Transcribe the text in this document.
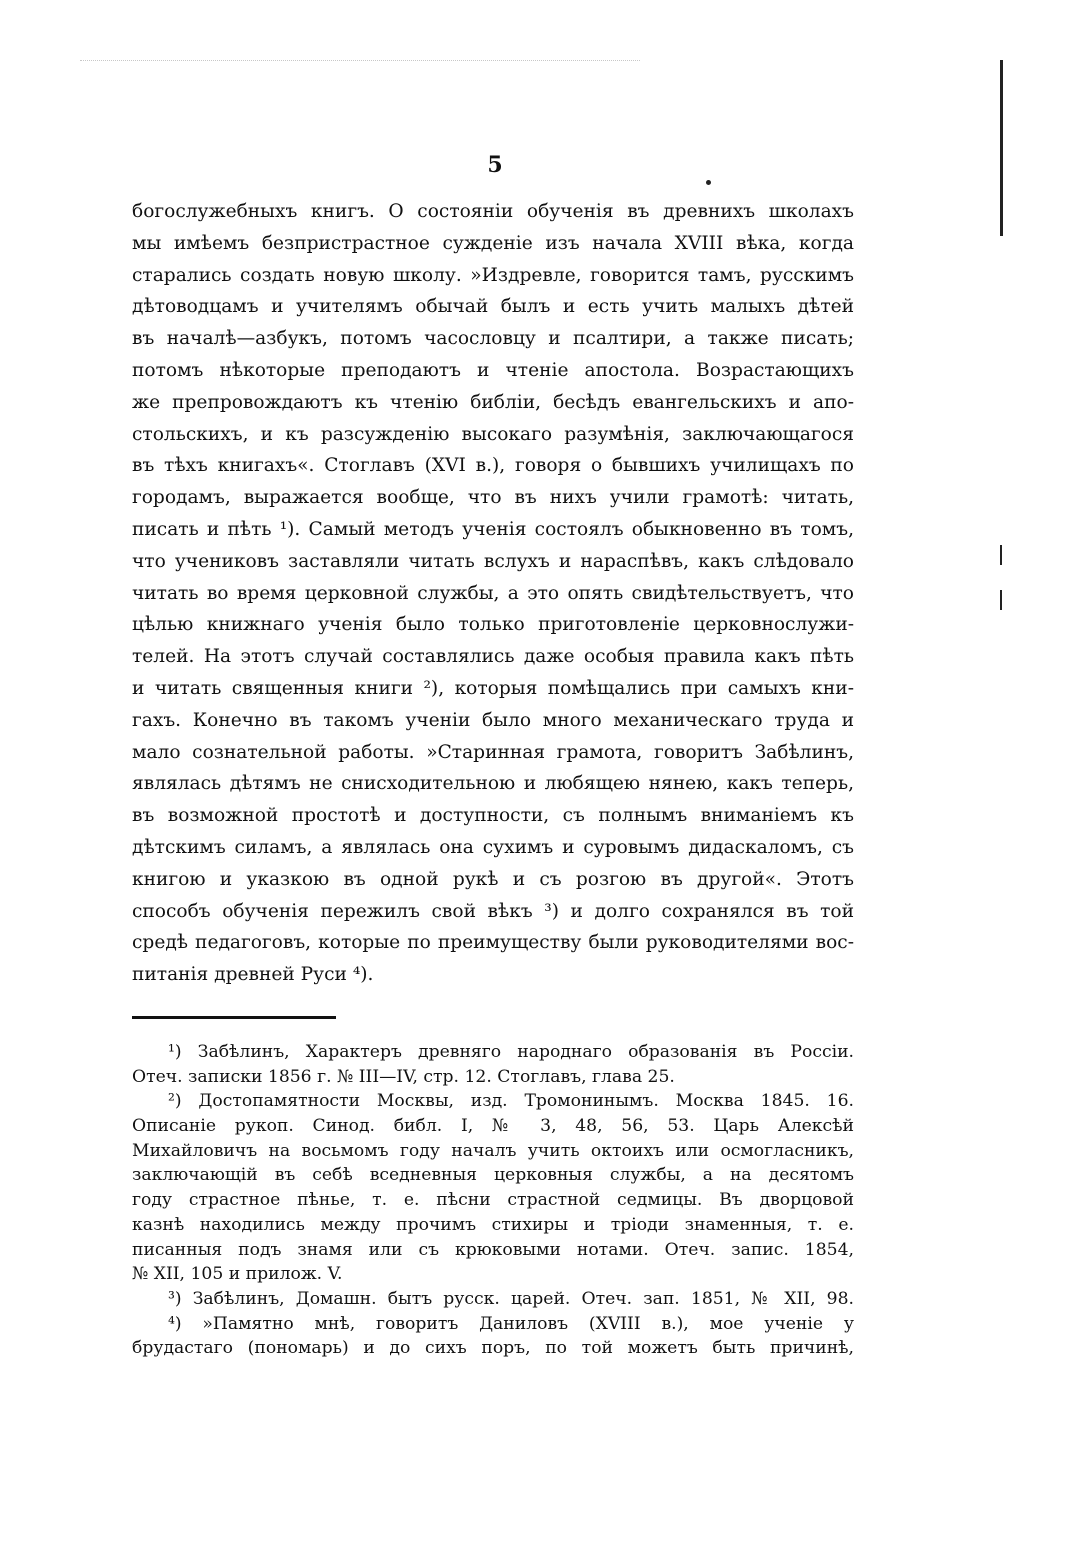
5
богослужебныхъ книгъ. О состояніи обученія въ древнихъ школахъ
мы имѣемъ безпристрастное сужденіе изъ начала XVIII вѣка, когда
старались создать новую школу. »Издревле, говорится тамъ, русскимъ
дѣтоводцамъ и учителямъ обычай былъ и есть учить малыхъ дѣтей
въ началѣ—азбукъ, потомъ часословцу и псалтири, а также писать;
потомъ нѣкоторые преподаютъ и чтеніе апостола. Возрастающихъ
же препровождаютъ къ чтенію библіи, бесѣдъ евангельскихъ и апо-
стольскихъ, и къ разсужденію высокаго разумѣнія, заключающагося
въ тѣхъ книгахъ«. Стоглавъ (XVI в.), говоря о бывшихъ училищахъ по
городамъ, выражается вообще, что въ нихъ учили грамотѣ: читать,
писать и пѣть ¹). Самый методъ ученія состоялъ обыкновенно въ томъ,
что учениковъ заставляли читать вслухъ и нараспѣвъ, какъ слѣдовало
читать во время церковной службы, а это опять свидѣтельствуетъ, что
цѣлью книжнаго ученія было только приготовленіе церковнослужи-
телей. На этотъ случай составлялись даже особыя правила какъ пѣть
и читать священныя книги ²), которыя помѣщались при самыхъ кни-
гахъ. Конечно въ такомъ ученіи было много механическаго труда и
мало сознательной работы. »Старинная грамота, говоритъ Забѣлинъ,
являлась дѣтямъ не снисходительною и любящею нянею, какъ теперь,
въ возможной простотѣ и доступности, съ полнымъ вниманіемъ къ
дѣтскимъ силамъ, а являлась она сухимъ и суровымъ дидаскаломъ, съ
книгою и указкою въ одной рукѣ и съ розгою въ другой«. Этотъ
способъ обученія пережилъ свой вѣкъ ³) и долго сохранялся въ той
средѣ педагоговъ, которые по преимуществу были руководителями вос-
питанія древней Руси ⁴).
¹) Забѣлинъ, Характеръ древняго народнаго образованія въ Россіи.
Отеч. записки 1856 г. № III—IV, стр. 12. Стоглавъ, глава 25.
²) Достопамятности Москвы, изд. Тромонинымъ. Москва 1845. 16.
Описаніе рукоп. Синод. библ. I, № 3, 48, 56, 53. Царь Алексѣй
Михайловичъ на восьмомъ году началъ учить октоихъ или осмогласникъ,
заключающій въ себѣ вседневныя церковныя службы, а на десятомъ
году страстное пѣнье, т. е. пѣсни страстной седмицы. Въ дворцовой
казнѣ находились между прочимъ стихиры и тріоди знаменныя, т. е.
писанныя подъ знамя или съ крюковыми нотами. Отеч. запис. 1854,
№ XII, 105 и прилож. V.
³) Забѣлинъ, Домашн. бытъ русск. царей. Отеч. зап. 1851, № XII, 98.
⁴) »Памятно мнѣ, говоритъ Даниловъ (XVIII в.), мое ученіе у
брудастаго (пономарь) и до сихъ поръ, по той можетъ быть причинѣ,
